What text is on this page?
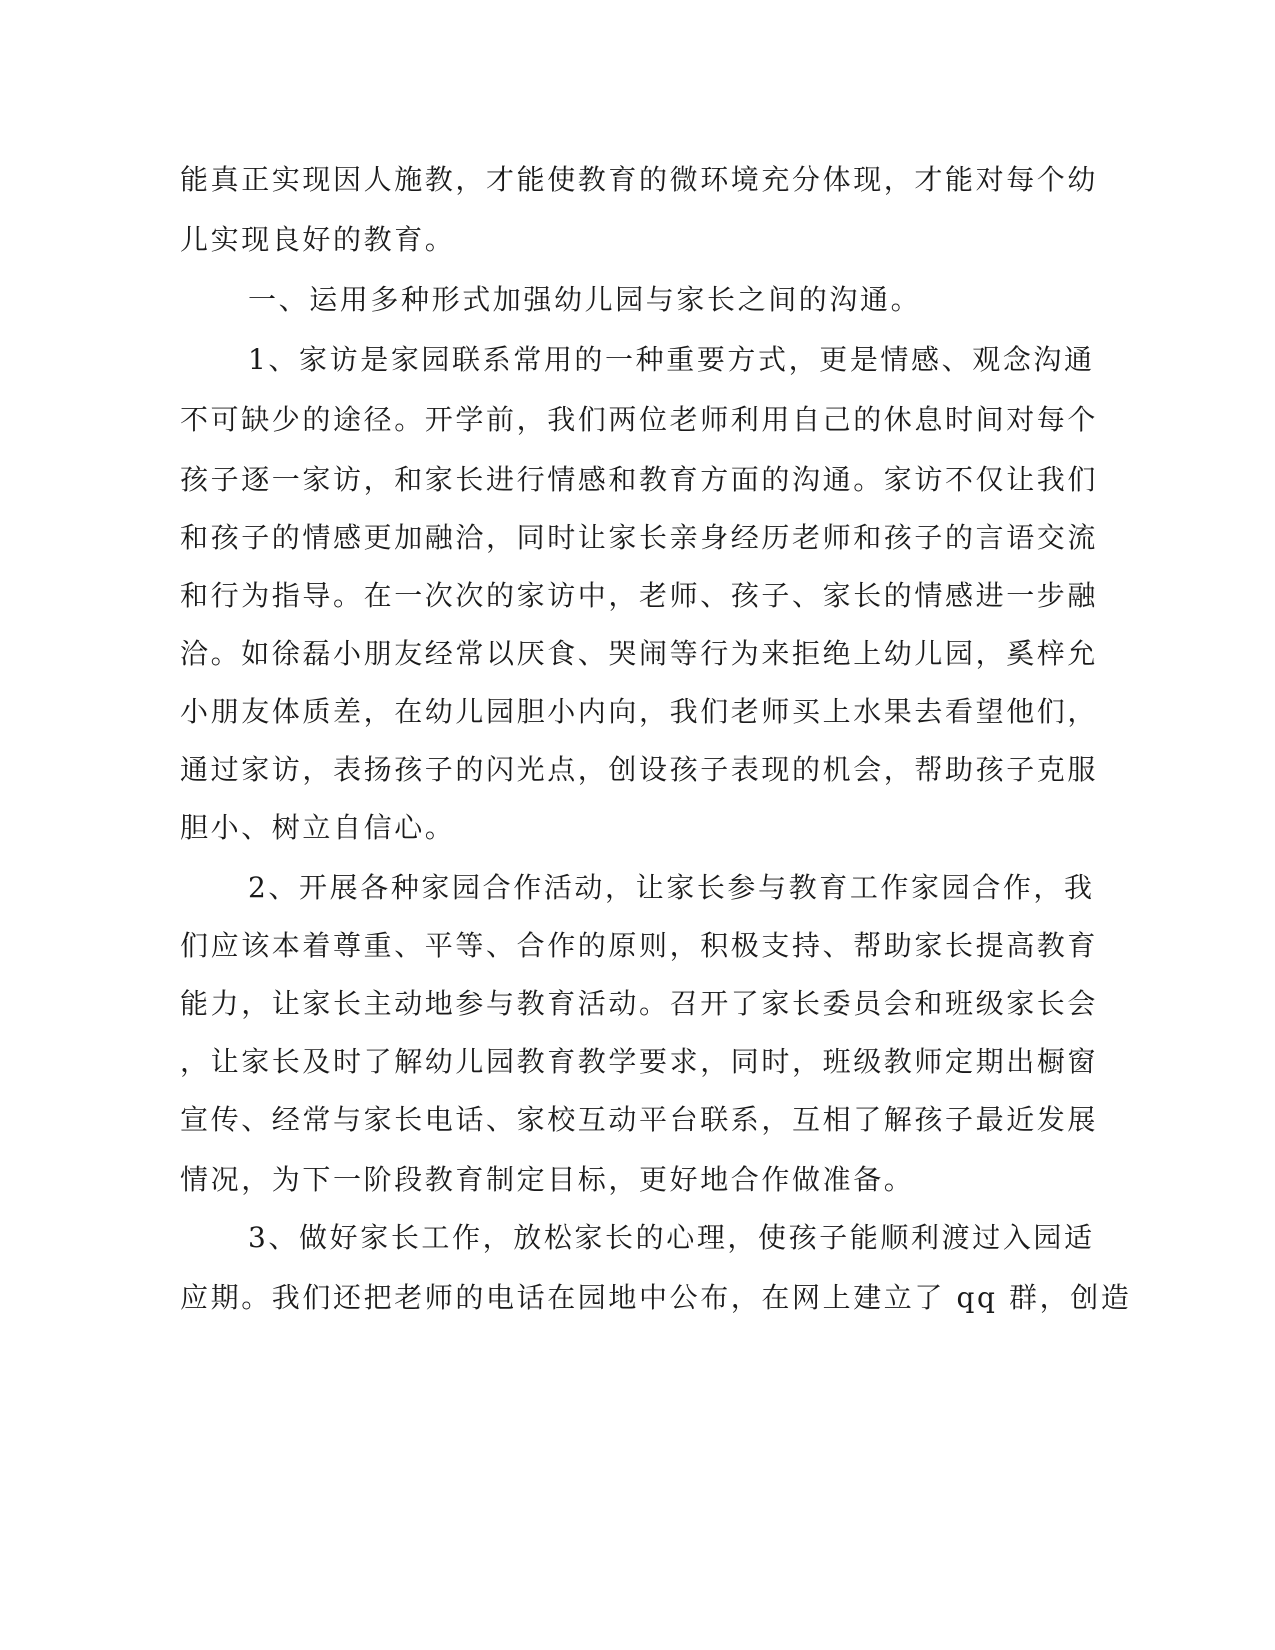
能真正实现因人施教，才能使教育的微环境充分体现，才能对每个幼
儿实现良好的教育。
一、运用多种形式加强幼儿园与家长之间的沟通。
1、家访是家园联系常用的一种重要方式，更是情感、观念沟通
不可缺少的途径。开学前，我们两位老师利用自己的休息时间对每个
孩子逐一家访，和家长进行情感和教育方面的沟通。家访不仅让我们
和孩子的情感更加融洽，同时让家长亲身经历老师和孩子的言语交流
和行为指导。在一次次的家访中，老师、孩子、家长的情感进一步融
洽。如徐磊小朋友经常以厌食、哭闹等行为来拒绝上幼儿园，奚梓允
小朋友体质差，在幼儿园胆小内向，我们老师买上水果去看望他们，
通过家访，表扬孩子的闪光点，创设孩子表现的机会，帮助孩子克服
胆小、树立自信心。
2、开展各种家园合作活动，让家长参与教育工作家园合作，我
们应该本着尊重、平等、合作的原则，积极支持、帮助家长提高教育
能力，让家长主动地参与教育活动。召开了家长委员会和班级家长会
，让家长及时了解幼儿园教育教学要求，同时，班级教师定期出橱窗
宣传、经常与家长电话、家校互动平台联系，互相了解孩子最近发展
情况，为下一阶段教育制定目标，更好地合作做准备。
3、做好家长工作，放松家长的心理，使孩子能顺利渡过入园适
应期。我们还把老师的电话在园地中公布，在网上建立了 qq 群，创造
